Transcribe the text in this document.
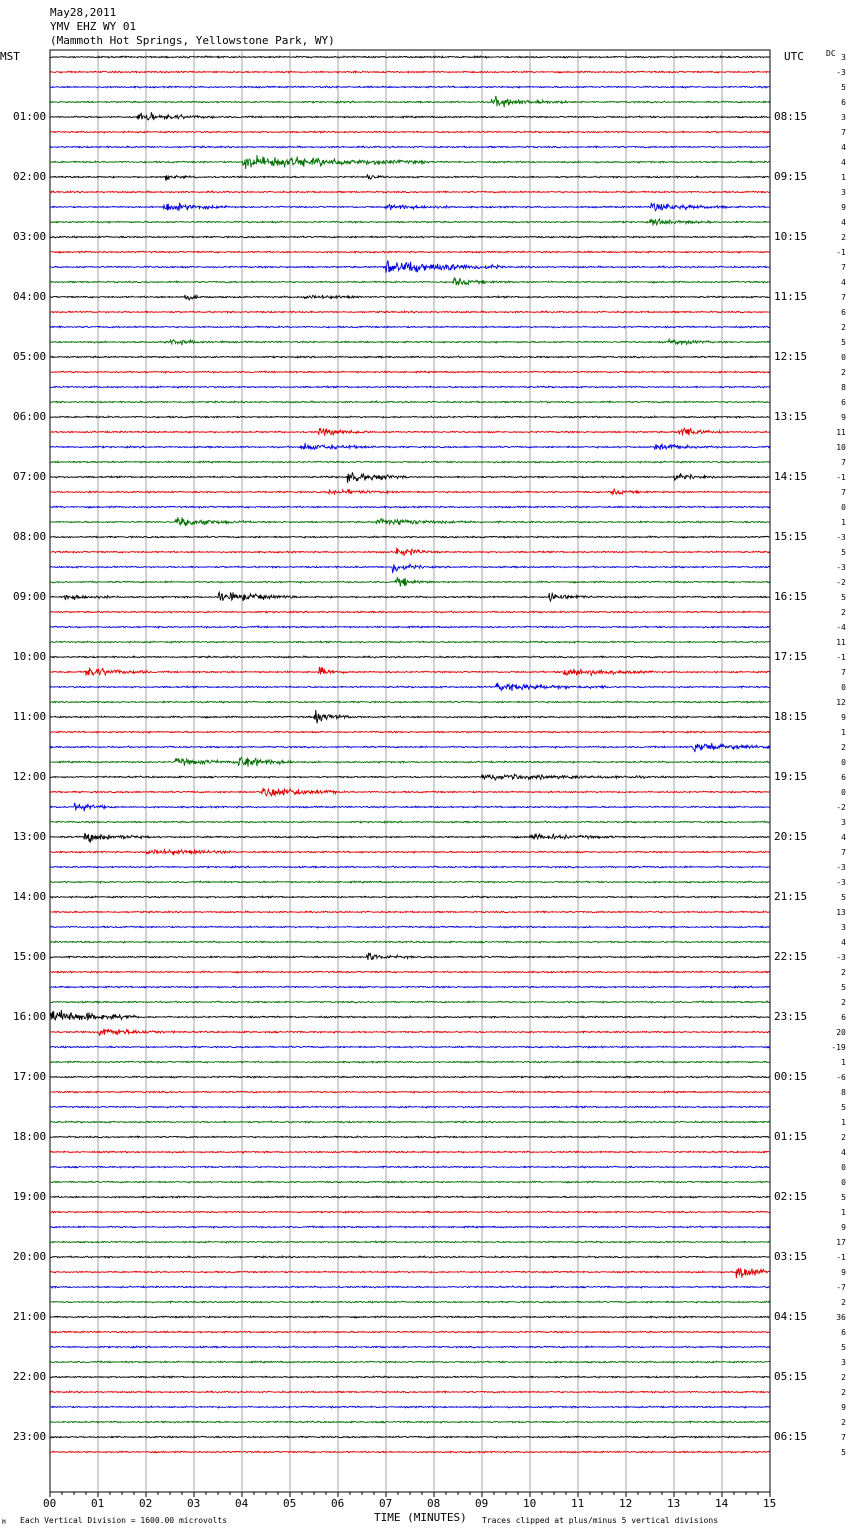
May28,2011
YMV EHZ WY 01
(Mammoth Hot Springs, Yellowstone Park, WY)
MST	UTC	DC
01:00
02:00
03:00
04:00
05:00
06:00
07:00
08:00
09:00
10:00
11:00
12:00
13:00
14:00
15:00
16:00
17:00
18:00
19:00
20:00
21:00
22:00
23:00
08:15
09:15
10:15
11:15
12:15
13:15
14:15
15:15
16:15
17:15
18:15
19:15
20:15
21:15
22:15
23:15
00:15
01:15
02:15
03:15
04:15
05:15
06:15
3
-3
5
6
3
7
4
4
1
3
9
4
2
-1
7
4
7
6
2
5
0
2
8
6
9
11
10
7
-1
7
0
1
-3
5
-3
-2
5
2
-4
11
-1
7
0
12
9
1
2
0
6
0
-2
3
4
7
-3
-3
5
13
3
4
-3
2
5
2
6
20
-19
1
-6
8
5
1
2
4
0
0
5
1
9
17
-1
9
-7
2
36
6
5
3
2
2
9
2
7
5
00	01	02	03	04	05	06	07	08	09	10	11	12	13	14	15
TIME (MINUTES)
Each Vertical Division = 1600.00 microvolts	Traces clipped at plus/minus 5 vertical divisions
M
